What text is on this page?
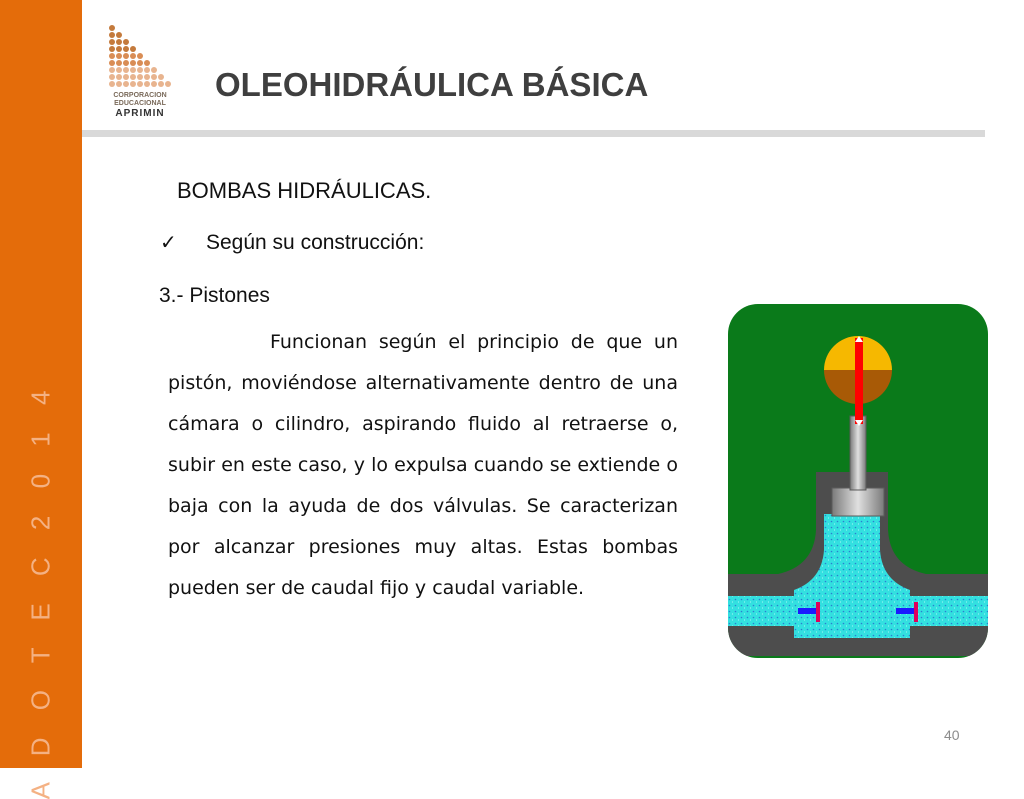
A D O T E C 2 0 1 4
CORPORACION
EDUCACIONAL
APRIMIN
OLEOHIDRÁULICA BÁSICA
BOMBAS HIDRÁULICAS.
✓ Según su construcción:
3.- Pistones

Funcionan según el principio de que un pistón, moviéndose alternativamente dentro de una cámara o cilindro, aspirando fluido al retraerse o, subir en este caso, y lo expulsa cuando se extiende o baja con la ayuda de dos válvulas. Se caracterizan por alcanzar presiones muy altas. Estas bombas pueden ser de caudal fijo y caudal variable.

40
